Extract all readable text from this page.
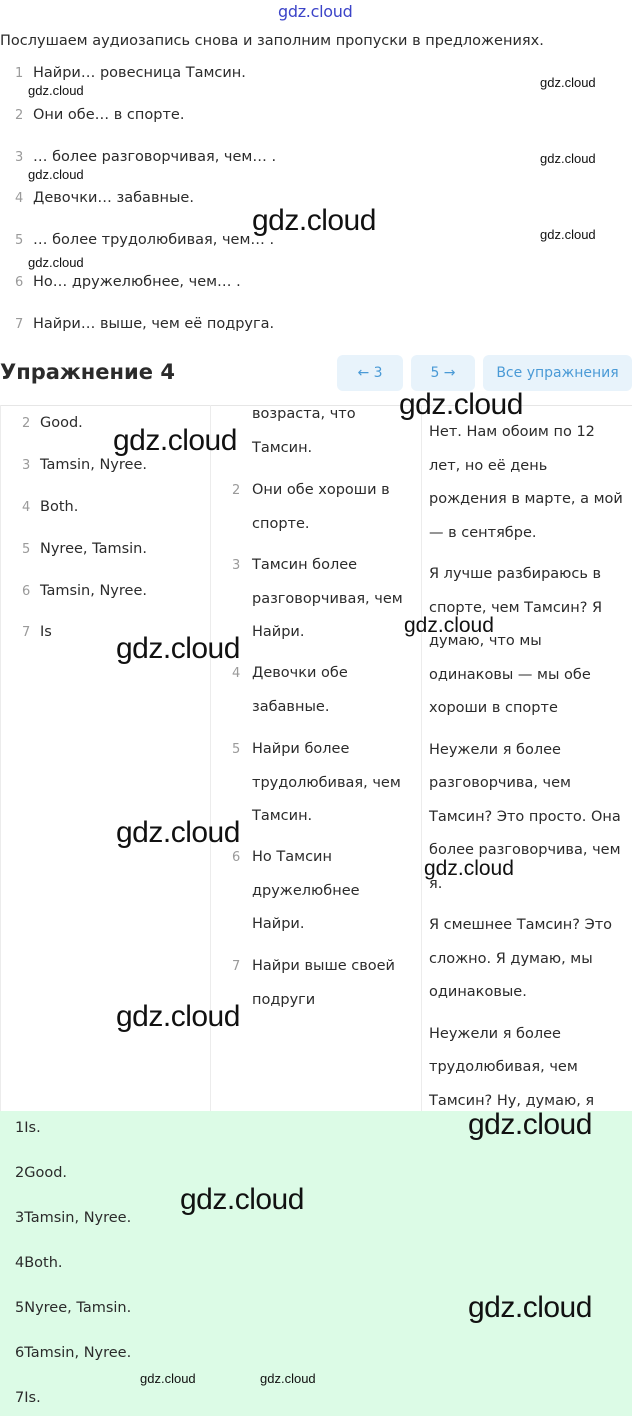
gdz.cloud
Послушаем аудиозапись снова и заполним пропуски в предложениях.
1 Найри… ровесница Тамсин.
2 Они обе… в спорте.
3 … более разговорчивая, чем… .
4 Девочки… забавные.
5 … более трудолюбивая, чем… .
6 Но… дружелюбнее, чем… .
7 Найри… выше, чем её подруга.
gdz.cloud
gdz.cloud
gdz.cloud
gdz.cloud
gdz.cloud	gdz.cloud
gdz.cloud
Упражнение 4	← 3	5 →	Все упражнения
2 Good.
3 Tamsin, Nyree.
4 Both.
5 Nyree, Tamsin.
6 Tamsin, Nyree.
7 Is
возраста, что Тамсин.
2 Они обе хороши в спорте.
3 Тамсин более разговорчивая, чем Найри.
4 Девочки обе забавные.
5 Найри более трудолюбивая, чем Тамсин.
6 Но Тамсин дружелюбнее Найри.
7 Найри выше своей подруги

Нет. Нам обоим по 12 лет, но её день рождения в марте, а мой — в сентябре.

Я лучше разбираюсь в спорте, чем Тамсин? Я думаю, что мы одинаковы — мы обе хороши в спорте

Неужели я более разговорчива, чем Тамсин? Это просто. Она более разговорчива, чем я.

Я смешнее Тамсин? Это сложно. Я думаю, мы одинаковые.

Неужели я более трудолюбивая, чем Тамсин? Ну, думаю, я

gdz.cloud
gdz.cloud
gdz.cloud
gdz.cloud
gdz.cloud
gdz.cloud
gdz.cloud
1Is.
2Good.
3Tamsin, Nyree.
4Both.
5Nyree, Tamsin.
6Tamsin, Nyree.
7Is.
gdz.cloud
gdz.cloud
gdz.cloud
gdz.cloud	gdz.cloud
